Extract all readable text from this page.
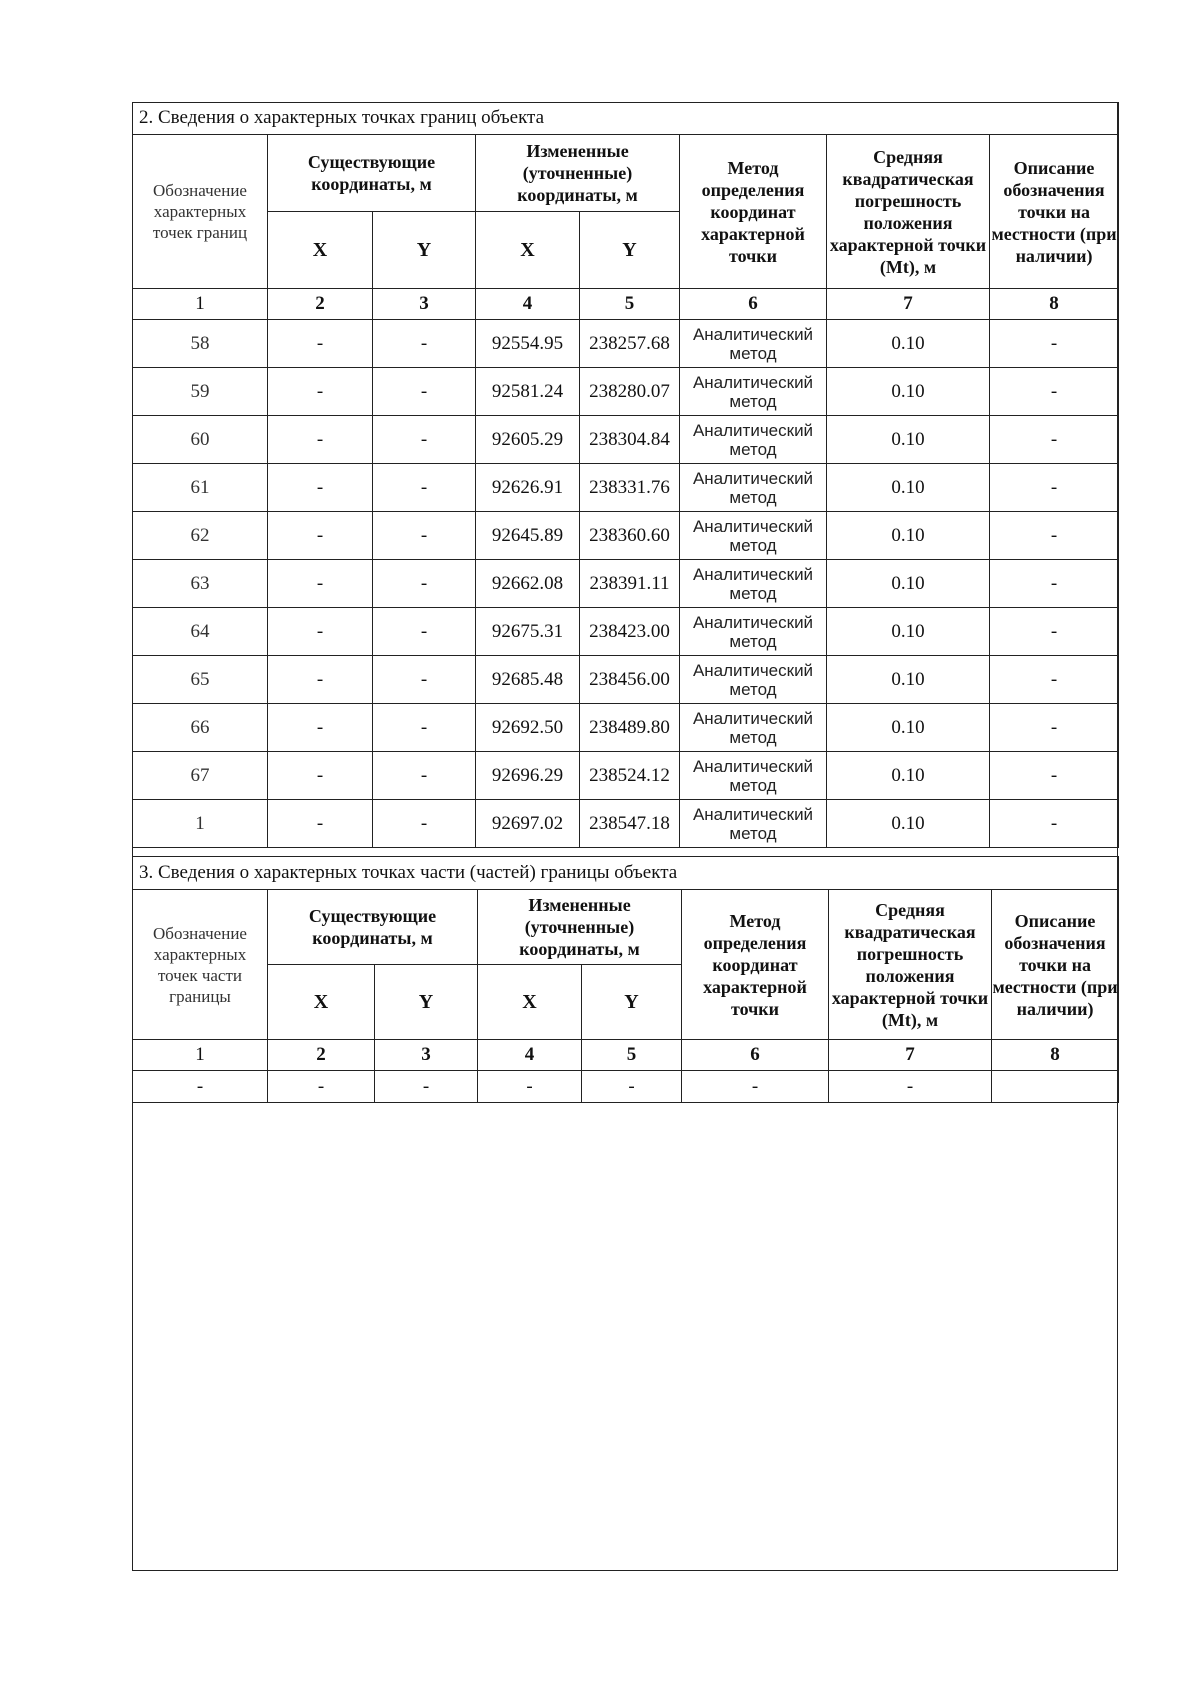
2. Сведения о характерных точках границ объекта							
Обозначение характерных точек границ	Существующие координаты, м		Измененные (уточненные) координаты, м		Метод определения координат характерной точки	Средняя квадратическая погрешность положения характерной точки (Mt), м	Описание обозначения точки на местности (при наличии)
	X	Y	X	Y			
1	2	3	4	5	6	7	8
58	-	-	92554.95	238257.68	Аналитический метод	0.10	-
59	-	-	92581.24	238280.07	Аналитический метод	0.10	-
60	-	-	92605.29	238304.84	Аналитический метод	0.10	-
61	-	-	92626.91	238331.76	Аналитический метод	0.10	-
62	-	-	92645.89	238360.60	Аналитический метод	0.10	-
63	-	-	92662.08	238391.11	Аналитический метод	0.10	-
64	-	-	92675.31	238423.00	Аналитический метод	0.10	-
65	-	-	92685.48	238456.00	Аналитический метод	0.10	-
66	-	-	92692.50	238489.80	Аналитический метод	0.10	-
67	-	-	92696.29	238524.12	Аналитический метод	0.10	-
1	-	-	92697.02	238547.18	Аналитический метод	0.10	-
3. Сведения о характерных точках части (частей) границы объекта							
Обозначение характерных точек части границы	Существующие координаты, м		Измененные (уточненные) координаты, м		Метод определения координат характерной точки	Средняя квадратическая погрешность положения характерной точки (Mt), м	Описание обозначения точки на местности (при наличии)
	X	Y	X	Y			
1	2	3	4	5	6	7	8
-	-	-	-	-	-	-	
